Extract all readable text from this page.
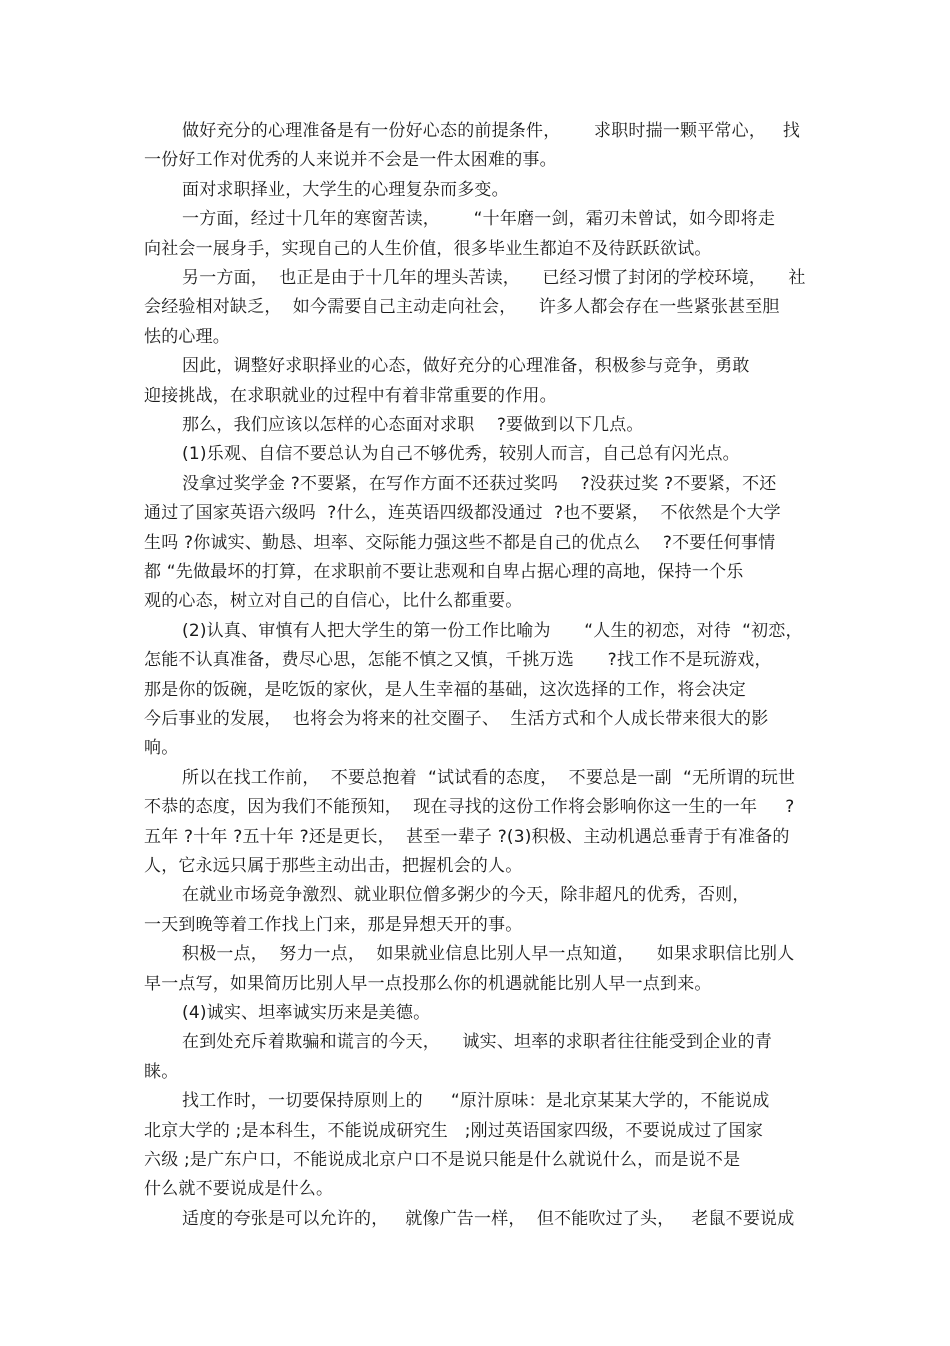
做好充分的心理准备是有一份好心态的前提条件，      求职时揣一颗平常心，   找
一份好工作对优秀的人来说并不会是一件太困难的事。
面对求职择业，大学生的心理复杂而多变。
一方面，经过十几年的寒窗苦读，      “十年磨一剑，霜刃未曾试，如今即将走
向社会一展身手，实现自己的人生价值，很多毕业生都迫不及待跃跃欲试。
另一方面，  也正是由于十几年的埋头苦读，    已经习惯了封闭的学校环境，    社
会经验相对缺乏，  如今需要自己主动走向社会，    许多人都会存在一些紧张甚至胆
怯的心理。
因此，调整好求职择业的心态，做好充分的心理准备，积极参与竞争，勇敢
迎接挑战，在求职就业的过程中有着非常重要的作用。
那么，我们应该以怎样的心态面对求职    ?要做到以下几点。
(1)乐观、自信不要总认为自己不够优秀，较别人而言，自己总有闪光点。
没拿过奖学金 ?不要紧，在写作方面不还获过奖吗    ?没获过奖 ?不要紧，不还
通过了国家英语六级吗  ?什么，连英语四级都没通过  ?也不要紧，  不依然是个大学
生吗 ?你诚实、勤恳、坦率、交际能力强这些不都是自己的优点么    ?不要任何事情
都 “先做最坏的打算，在求职前不要让悲观和自卑占据心理的高地，保持一个乐
观的心态，树立对自己的自信心，比什么都重要。
(2)认真、审慎有人把大学生的第一份工作比喻为      “人生的初恋，对待  “初恋，
怎能不认真准备，费尽心思，怎能不慎之又慎，千挑万选      ?找工作不是玩游戏，
那是你的饭碗，是吃饭的家伙，是人生幸福的基础，这次选择的工作，将会决定
今后事业的发展，  也将会为将来的社交圈子、  生活方式和个人成长带来很大的影
响。
所以在找工作前，  不要总抱着  “试试看的态度，  不要总是一副  “无所谓的玩世
不恭的态度，因为我们不能预知，  现在寻找的这份工作将会影响你这一生的一年     ?
五年 ?十年 ?五十年 ?还是更长，  甚至一辈子 ?(3)积极、主动机遇总垂青于有准备的
人，它永远只属于那些主动出击，把握机会的人。
在就业市场竞争激烈、就业职位僧多粥少的今天，除非超凡的优秀，否则，
一天到晚等着工作找上门来，那是异想天开的事。
积极一点，  努力一点，  如果就业信息比别人早一点知道，    如果求职信比别人
早一点写，如果简历比别人早一点投那么你的机遇就能比别人早一点到来。
(4)诚实、坦率诚实历来是美德。
在到处充斥着欺骗和谎言的今天，    诚实、坦率的求职者往往能受到企业的青
睐。
找工作时，一切要保持原则上的     “原汁原味：是北京某某大学的，不能说成
北京大学的 ;是本科生，不能说成研究生   ;刚过英语国家四级，不要说成过了国家
六级 ;是广东户口，不能说成北京户口不是说只能是什么就说什么，而是说不是
什么就不要说成是什么。
适度的夸张是可以允许的，   就像广告一样，  但不能吹过了头，   老鼠不要说成
